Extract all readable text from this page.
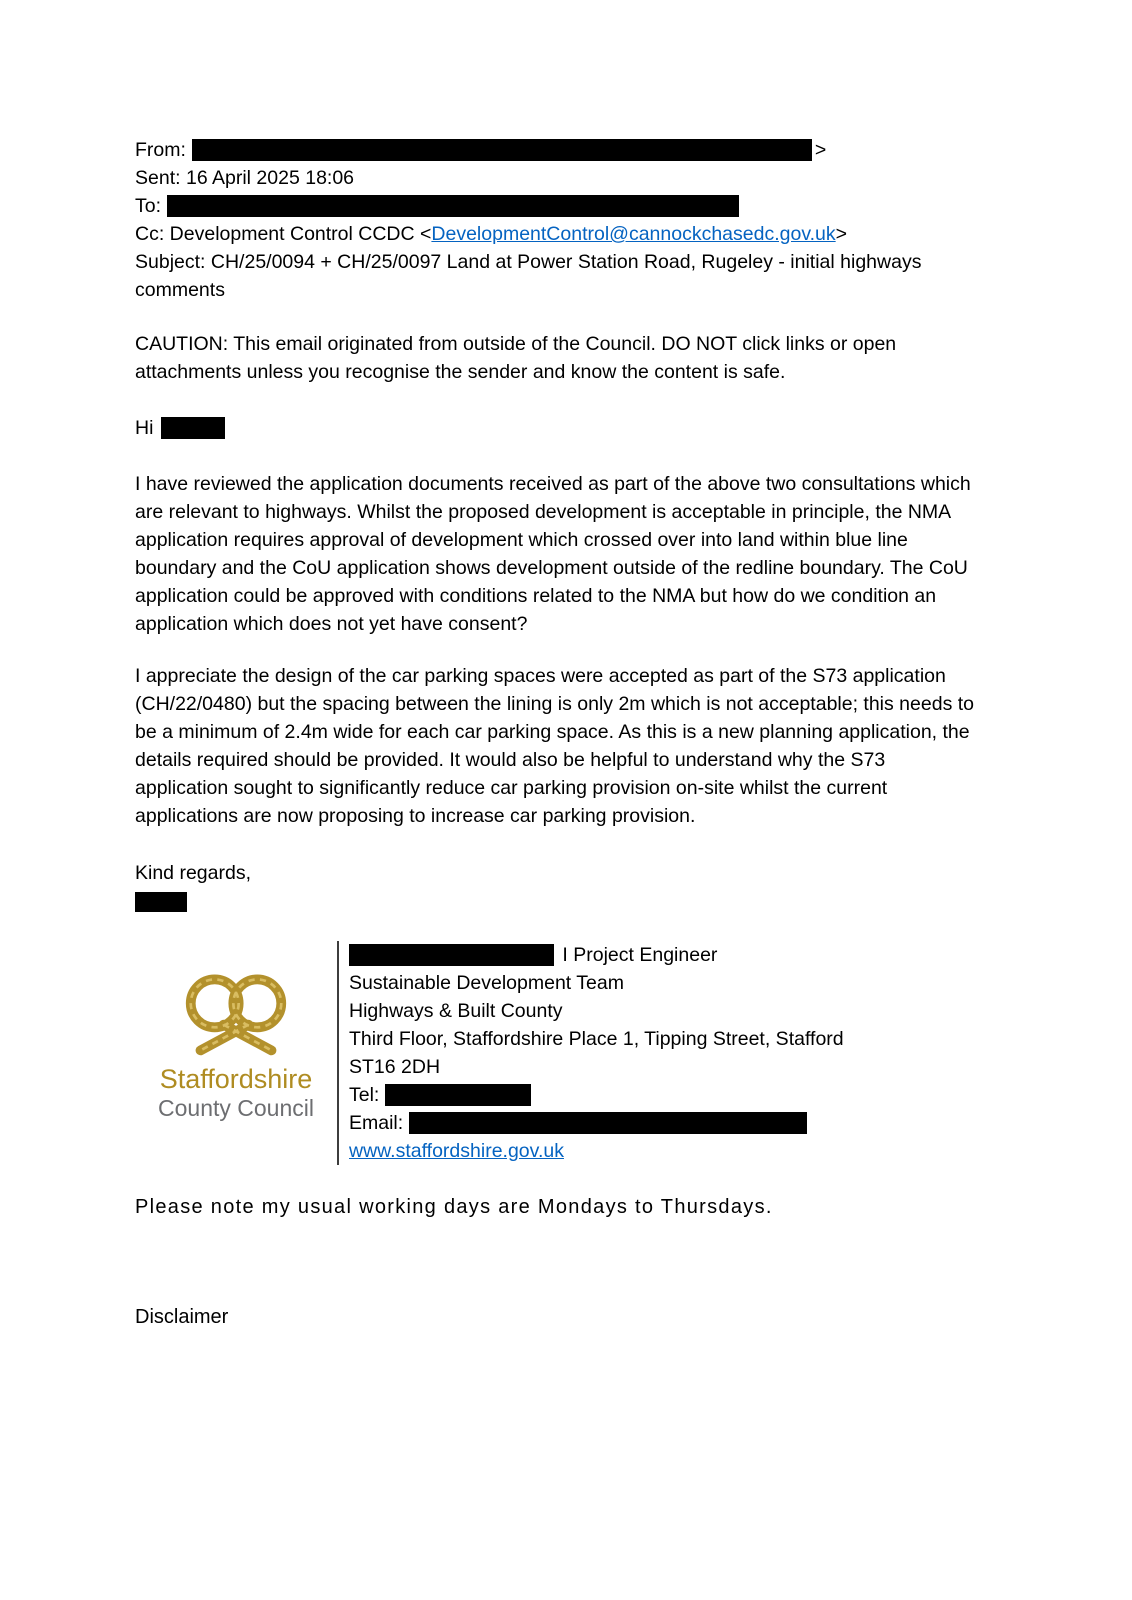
From:	>
Sent: 16 April 2025 18:06
To:
Cc: Development Control CCDC <DevelopmentControl@cannockchasedc.gov.uk>
Subject: CH/25/0094 + CH/25/0097 Land at Power Station Road, Rugeley - initial highways comments

CAUTION: This email originated from outside of the Council. DO NOT click links or open attachments unless you recognise the sender and know the content is safe.

Hi

I have reviewed the application documents received as part of the above two consultations which are relevant to highways. Whilst the proposed development is acceptable in principle, the NMA application requires approval of development which crossed over into land within blue line boundary and the CoU application shows development outside of the redline boundary. The CoU application could be approved with conditions related to the NMA but how do we condition an application which does not yet have consent?

I appreciate the design of the car parking spaces were accepted as part of the S73 application (CH/22/0480) but the spacing between the lining is only 2m which is not acceptable; this needs to be a minimum of 2.4m wide for each car parking space. As this is a new planning application, the details required should be provided. It would also be helpful to understand why the S73 application sought to significantly reduce car parking provision on-site whilst the current applications are now proposing to increase car parking provision.

Kind regards,
Staffordshire
County Council
I Project Engineer
Sustainable Development Team
Highways & Built County
Third Floor, Staffordshire Place 1, Tipping Street, Stafford
ST16 2DH
Tel:
Email:
www.staffordshire.gov.uk

Please note my usual working days are Mondays to Thursdays.

Disclaimer
